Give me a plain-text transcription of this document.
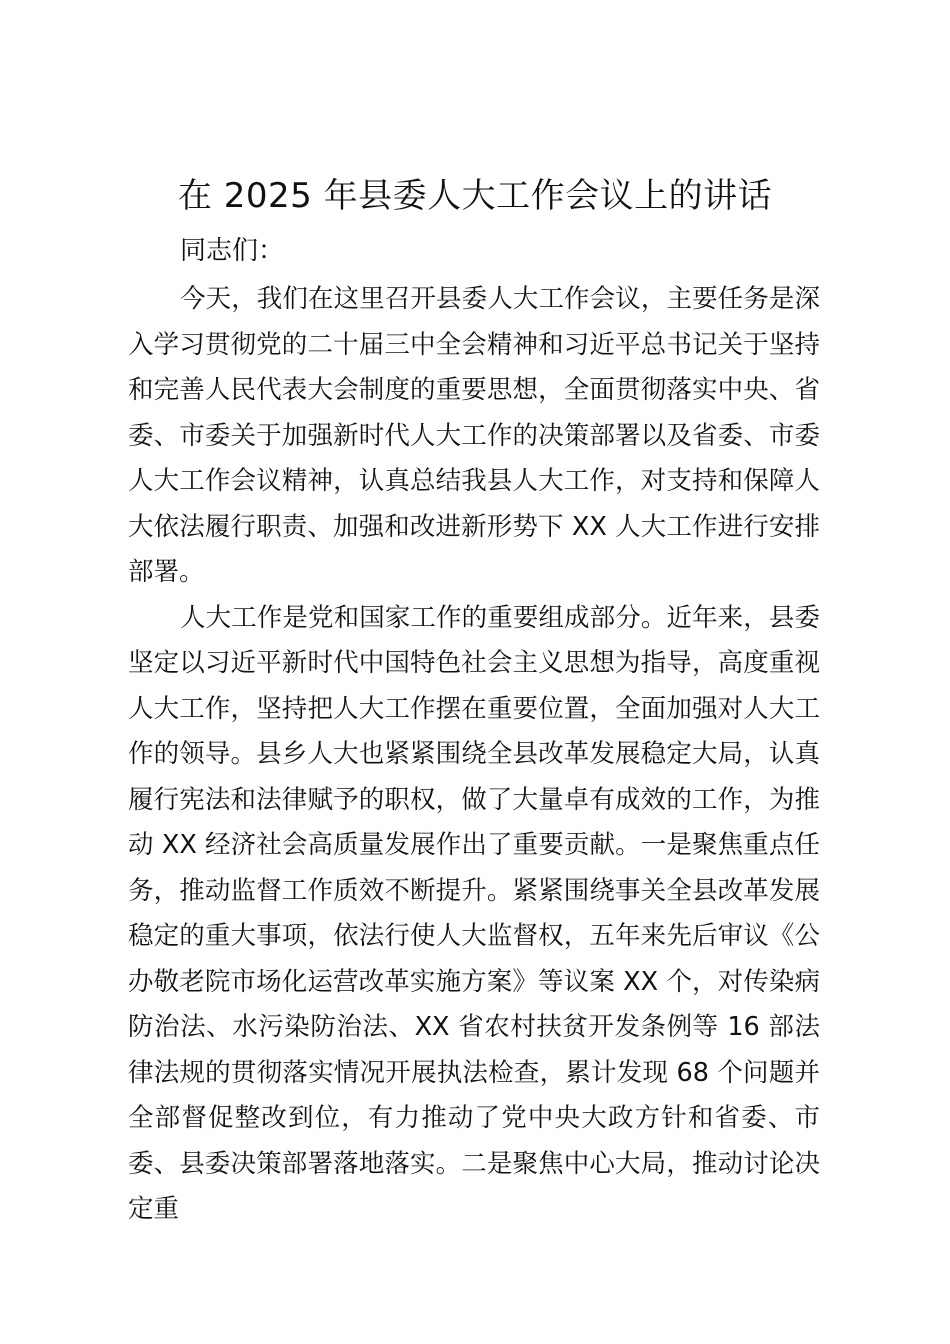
在 2025 年县委人大工作会议上的讲话

同志们：

今天，我们在这里召开县委人大工作会议，主要任务是深入学习贯彻党的二十届三中全会精神和习近平总书记关于坚持和完善人民代表大会制度的重要思想，全面贯彻落实中央、省委、市委关于加强新时代人大工作的决策部署以及省委、市委人大工作会议精神，认真总结我县人大工作，对支持和保障人大依法履行职责、加强和改进新形势下 XX 人大工作进行安排部署。

人大工作是党和国家工作的重要组成部分。近年来，县委坚定以习近平新时代中国特色社会主义思想为指导，高度重视人大工作，坚持把人大工作摆在重要位置，全面加强对人大工作的领导。县乡人大也紧紧围绕全县改革发展稳定大局，认真履行宪法和法律赋予的职权，做了大量卓有成效的工作，为推动 XX 经济社会高质量发展作出了重要贡献。一是聚焦重点任务，推动监督工作质效不断提升。紧紧围绕事关全县改革发展稳定的重大事项，依法行使人大监督权，五年来先后审议《公办敬老院市场化运营改革实施方案》等议案 XX 个，对传染病防治法、水污染防治法、XX 省农村扶贫开发条例等 16 部法律法规的贯彻落实情况开展执法检查，累计发现 68 个问题并全部督促整改到位，有力推动了党中央大政方针和省委、市委、县委决策部署落地落实。二是聚焦中心大局，推动讨论决定重
